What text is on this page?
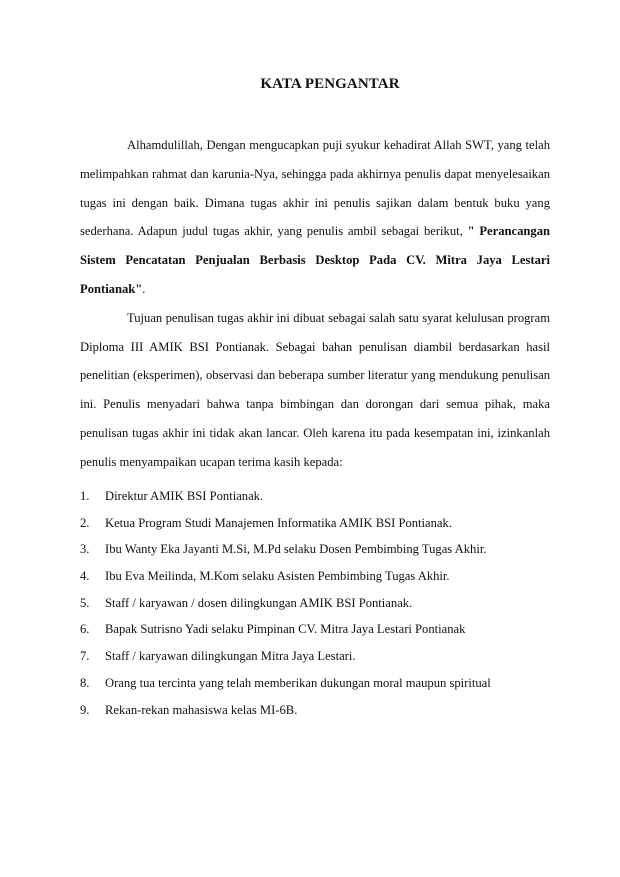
KATA PENGANTAR

Alhamdulillah, Dengan mengucapkan puji syukur kehadirat Allah SWT, yang telah melimpahkan rahmat dan karunia-Nya, sehingga pada akhirnya penulis dapat menyelesaikan tugas ini dengan baik. Dimana tugas akhir ini penulis sajikan dalam bentuk buku yang sederhana. Adapun judul tugas akhir, yang penulis ambil sebagai berikut, " Perancangan Sistem Pencatatan Penjualan Berbasis Desktop Pada CV. Mitra Jaya Lestari Pontianak".

Tujuan penulisan tugas akhir ini dibuat sebagai salah satu syarat kelulusan program Diploma III AMIK BSI Pontianak. Sebagai bahan penulisan diambil berdasarkan hasil penelitian (eksperimen), observasi dan beberapa sumber literatur yang mendukung penulisan ini. Penulis menyadari bahwa tanpa bimbingan dan dorongan dari semua pihak, maka penulisan tugas akhir ini tidak akan lancar. Oleh karena itu pada kesempatan ini, izinkanlah penulis menyampaikan ucapan terima kasih kepada:

1. Direktur AMIK BSI Pontianak.
2. Ketua Program Studi Manajemen Informatika AMIK BSI Pontianak.
3. Ibu Wanty Eka Jayanti M.Si, M.Pd selaku Dosen Pembimbing Tugas Akhir.
4. Ibu Eva Meilinda, M.Kom selaku Asisten Pembimbing Tugas Akhir.
5. Staff / karyawan / dosen dilingkungan AMIK BSI Pontianak.
6. Bapak Sutrisno Yadi selaku Pimpinan CV. Mitra Jaya Lestari Pontianak
7. Staff / karyawan dilingkungan Mitra Jaya Lestari.
8. Orang tua tercinta yang telah memberikan dukungan moral maupun spiritual
9. Rekan-rekan mahasiswa kelas MI-6B.
